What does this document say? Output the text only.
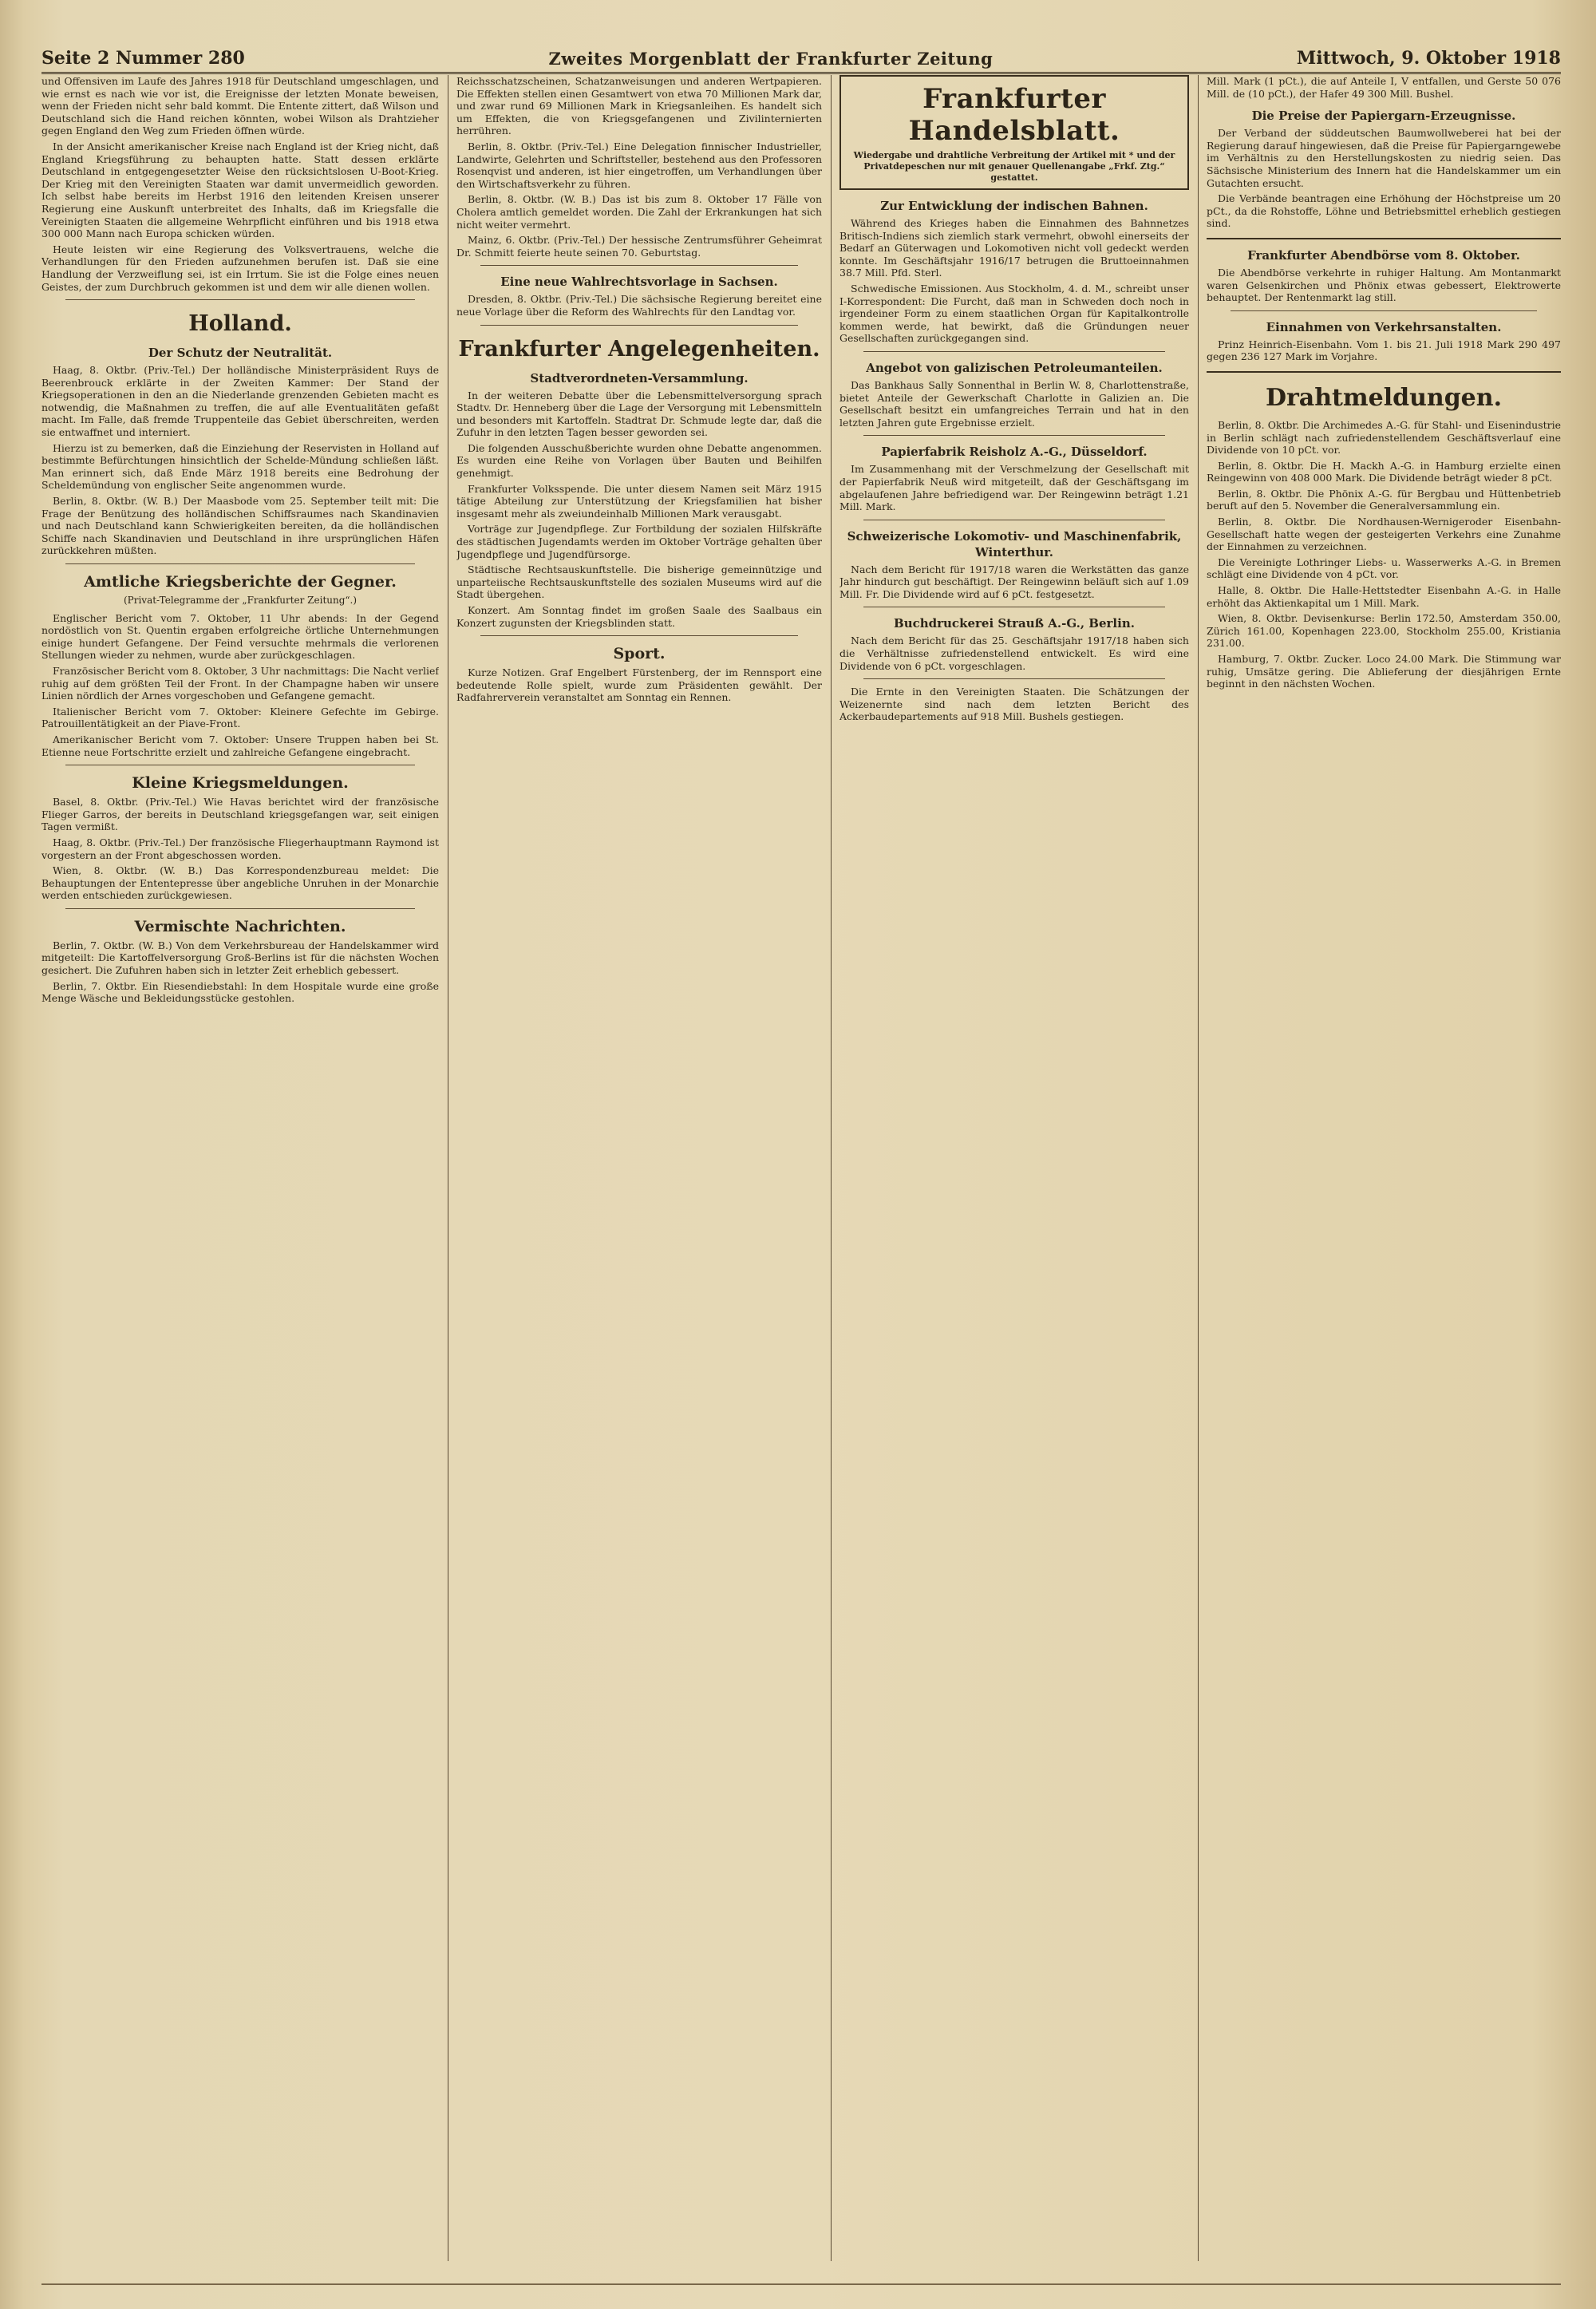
Seite 2 Nummer 280	Zweites Morgenblatt der Frankfurter Zeitung	Mittwoch, 9. Oktober 1918

und Offensiven im Laufe des Jahres 1918 für Deutschland umgeschlagen, und wie ernst es nach wie vor ist, die Ereignisse der letzten Monate beweisen, wenn der Frieden nicht sehr bald kommt. Die Entente zittert, daß Wilson und Deutschland sich die Hand reichen könnten, wobei Wilson als Drahtzieher gegen England den Weg zum Frieden öffnen würde.

In der Ansicht amerikanischer Kreise nach England ist der Krieg nicht, daß England Kriegsführung zu behaupten hatte. Statt dessen erklärte Deutschland in entgegengesetzter Weise den rücksichtslosen U-Boot-Krieg. Der Krieg mit den Vereinigten Staaten war damit unvermeidlich geworden. Ich selbst habe bereits im Herbst 1916 den leitenden Kreisen unserer Regierung eine Auskunft unterbreitet des Inhalts, daß im Kriegsfalle die Vereinigten Staaten die allgemeine Wehrpflicht einführen und bis 1918 etwa 300 000 Mann nach Europa schicken würden.

Heute leisten wir eine Regierung des Volksvertrauens, welche die Verhandlungen für den Frieden aufzunehmen berufen ist. Daß sie eine Handlung der Verzweiflung sei, ist ein Irrtum. Sie ist die Folge eines neuen Geistes, der zum Durchbruch gekommen ist und dem wir alle dienen wollen.

Holland.
Der Schutz der Neutralität.

Haag, 8. Oktbr. (Priv.-Tel.) Der holländische Ministerpräsident Ruys de Beerenbrouck erklärte in der Zweiten Kammer: Der Stand der Kriegsoperationen in den an die Niederlande grenzenden Gebieten macht es notwendig, die Maßnahmen zu treffen, die auf alle Eventualitäten gefaßt macht. Im Falle, daß fremde Truppenteile das Gebiet überschreiten, werden sie entwaffnet und interniert.

Hierzu ist zu bemerken, daß die Einziehung der Reservisten in Holland auf bestimmte Befürchtungen hinsichtlich der Schelde-Mündung schließen läßt. Man erinnert sich, daß Ende März 1918 bereits eine Bedrohung der Scheldemündung von englischer Seite angenommen wurde.

Berlin, 8. Oktbr. (W. B.) Der Maasbode vom 25. September teilt mit: Die Frage der Benützung des holländischen Schiffsraumes nach Skandinavien und nach Deutschland kann Schwierigkeiten bereiten, da die holländischen Schiffe nach Skandinavien und Deutschland in ihre ursprünglichen Häfen zurückkehren müßten.

Amtliche Kriegsberichte der Gegner.
(Privat-Telegramme der „Frankfurter Zeitung“.)

Englischer Bericht vom 7. Oktober, 11 Uhr abends: In der Gegend nordöstlich von St. Quentin ergaben erfolgreiche örtliche Unternehmungen einige hundert Gefangene. Der Feind versuchte mehrmals die verlorenen Stellungen wieder zu nehmen, wurde aber zurückgeschlagen.

Französischer Bericht vom 8. Oktober, 3 Uhr nachmittags: Die Nacht verlief ruhig auf dem größten Teil der Front. In der Champagne haben wir unsere Linien nördlich der Arnes vorgeschoben und Gefangene gemacht.

Italienischer Bericht vom 7. Oktober: Kleinere Gefechte im Gebirge. Patrouillentätigkeit an der Piave-Front.

Amerikanischer Bericht vom 7. Oktober: Unsere Truppen haben bei St. Etienne neue Fortschritte erzielt und zahlreiche Gefangene eingebracht.

Kleine Kriegsmeldungen.

Basel, 8. Oktbr. (Priv.-Tel.) Wie Havas berichtet wird der französische Flieger Garros, der bereits in Deutschland kriegsgefangen war, seit einigen Tagen vermißt.

Haag, 8. Oktbr. (Priv.-Tel.) Der französische Fliegerhauptmann Raymond ist vorgestern an der Front abgeschossen worden.

Wien, 8. Oktbr. (W. B.) Das Korrespondenzbureau meldet: Die Behauptungen der Ententepresse über angebliche Unruhen in der Monarchie werden entschieden zurückgewiesen.

Vermischte Nachrichten.

Berlin, 7. Oktbr. (W. B.) Von dem Verkehrsbureau der Handelskammer wird mitgeteilt: Die Kartoffelversorgung Groß-Berlins ist für die nächsten Wochen gesichert. Die Zufuhren haben sich in letzter Zeit erheblich gebessert.

Berlin, 7. Oktbr. Ein Riesendiebstahl: In dem Hospitale wurde eine große Menge Wäsche und Bekleidungsstücke gestohlen.

Reichsschatzscheinen, Schatzanweisungen und anderen Wertpapieren. Die Effekten stellen einen Gesamtwert von etwa 70 Millionen Mark dar, und zwar rund 69 Millionen Mark in Kriegsanleihen. Es handelt sich um Effekten, die von Kriegsgefangenen und Zivilinternierten herrühren.

Berlin, 8. Oktbr. (Priv.-Tel.) Eine Delegation finnischer Industrieller, Landwirte, Gelehrten und Schriftsteller, bestehend aus den Professoren Rosenqvist und anderen, ist hier eingetroffen, um Verhandlungen über den Wirtschaftsverkehr zu führen.

Berlin, 8. Oktbr. (W. B.) Das ist bis zum 8. Oktober 17 Fälle von Cholera amtlich gemeldet worden. Die Zahl der Erkrankungen hat sich nicht weiter vermehrt.

Mainz, 6. Oktbr. (Priv.-Tel.) Der hessische Zentrumsführer Geheimrat Dr. Schmitt feierte heute seinen 70. Geburtstag.

Eine neue Wahlrechtsvorlage in Sachsen.

Dresden, 8. Oktbr. (Priv.-Tel.) Die sächsische Regierung bereitet eine neue Vorlage über die Reform des Wahlrechts für den Landtag vor.

Frankfurter Angelegenheiten.
Stadtverordneten-Versammlung.

In der weiteren Debatte über die Lebensmittelversorgung sprach Stadtv. Dr. Henneberg über die Lage der Versorgung mit Lebensmitteln und besonders mit Kartoffeln. Stadtrat Dr. Schmude legte dar, daß die Zufuhr in den letzten Tagen besser geworden sei.

Die folgenden Ausschußberichte wurden ohne Debatte angenommen. Es wurden eine Reihe von Vorlagen über Bauten und Beihilfen genehmigt.

Frankfurter Volksspende. Die unter diesem Namen seit März 1915 tätige Abteilung zur Unterstützung der Kriegsfamilien hat bisher insgesamt mehr als zweiundeinhalb Millionen Mark verausgabt.

Vorträge zur Jugendpflege. Zur Fortbildung der sozialen Hilfskräfte des städtischen Jugendamts werden im Oktober Vorträge gehalten über Jugendpflege und Jugendfürsorge.

Städtische Rechtsauskunftstelle. Die bisherige gemeinnützige und unparteiische Rechtsauskunftstelle des sozialen Museums wird auf die Stadt übergehen.

Konzert. Am Sonntag findet im großen Saale des Saalbaus ein Konzert zugunsten der Kriegsblinden statt.

Sport.

Kurze Notizen. Graf Engelbert Fürstenberg, der im Rennsport eine bedeutende Rolle spielt, wurde zum Präsidenten gewählt. Der Radfahrerverein veranstaltet am Sonntag ein Rennen.

Frankfurter Handelsblatt.
Wiedergabe und drahtliche Verbreitung der Artikel mit * und der Privatdepeschen nur mit genauer Quellenangabe „Frkf. Ztg.“ gestattet.
Zur Entwicklung der indischen Bahnen.

Während des Krieges haben die Einnahmen des Bahnnetzes Britisch-Indiens sich ziemlich stark vermehrt, obwohl einerseits der Bedarf an Güterwagen und Lokomotiven nicht voll gedeckt werden konnte. Im Geschäftsjahr 1916/17 betrugen die Bruttoeinnahmen 38.7 Mill. Pfd. Sterl.

Schwedische Emissionen. Aus Stockholm, 4. d. M., schreibt unser I-Korrespondent: Die Furcht, daß man in Schweden doch noch in irgendeiner Form zu einem staatlichen Organ für Kapitalkontrolle kommen werde, hat bewirkt, daß die Gründungen neuer Gesellschaften zurückgegangen sind.

Angebot von galizischen Petroleumanteilen.

Das Bankhaus Sally Sonnenthal in Berlin W. 8, Charlottenstraße, bietet Anteile der Gewerkschaft Charlotte in Galizien an. Die Gesellschaft besitzt ein umfangreiches Terrain und hat in den letzten Jahren gute Ergebnisse erzielt.

Papierfabrik Reisholz A.-G., Düsseldorf.

Im Zusammenhang mit der Verschmelzung der Gesellschaft mit der Papierfabrik Neuß wird mitgeteilt, daß der Geschäftsgang im abgelaufenen Jahre befriedigend war. Der Reingewinn beträgt 1.21 Mill. Mark.

Schweizerische Lokomotiv- und Maschinenfabrik, Winterthur.

Nach dem Bericht für 1917/18 waren die Werkstätten das ganze Jahr hindurch gut beschäftigt. Der Reingewinn beläuft sich auf 1.09 Mill. Fr. Die Dividende wird auf 6 pCt. festgesetzt.

Buchdruckerei Strauß A.-G., Berlin.

Nach dem Bericht für das 25. Geschäftsjahr 1917/18 haben sich die Verhältnisse zufriedenstellend entwickelt. Es wird eine Dividende von 6 pCt. vorgeschlagen.

Die Ernte in den Vereinigten Staaten. Die Schätzungen der Weizenernte sind nach dem letzten Bericht des Ackerbaudepartements auf 918 Mill. Bushels gestiegen.

Mill. Mark (1 pCt.), die auf Anteile I, V entfallen, und Gerste 50 076 Mill. de (10 pCt.), der Hafer 49 300 Mill. Bushel.

Die Preise der Papiergarn-Erzeugnisse.

Der Verband der süddeutschen Baumwollweberei hat bei der Regierung darauf hingewiesen, daß die Preise für Papiergarngewebe im Verhältnis zu den Herstellungskosten zu niedrig seien. Das Sächsische Ministerium des Innern hat die Handelskammer um ein Gutachten ersucht.

Die Verbände beantragen eine Erhöhung der Höchstpreise um 20 pCt., da die Rohstoffe, Löhne und Betriebsmittel erheblich gestiegen sind.

Frankfurter Abendbörse vom 8. Oktober.

Die Abendbörse verkehrte in ruhiger Haltung. Am Montanmarkt waren Gelsenkirchen und Phönix etwas gebessert, Elektrowerte behauptet. Der Rentenmarkt lag still.

Einnahmen von Verkehrsanstalten.

Prinz Heinrich-Eisenbahn. Vom 1. bis 21. Juli 1918 Mark 290 497 gegen 236 127 Mark im Vorjahre.

Drahtmeldungen.

Berlin, 8. Oktbr. Die Archimedes A.-G. für Stahl- und Eisenindustrie in Berlin schlägt nach zufriedenstellendem Geschäftsverlauf eine Dividende von 10 pCt. vor.

Berlin, 8. Oktbr. Die H. Mackh A.-G. in Hamburg erzielte einen Reingewinn von 408 000 Mark. Die Dividende beträgt wieder 8 pCt.

Berlin, 8. Oktbr. Die Phönix A.-G. für Bergbau und Hüttenbetrieb beruft auf den 5. November die Generalversammlung ein.

Berlin, 8. Oktbr. Die Nordhausen-Wernigeroder Eisenbahn-Gesellschaft hatte wegen der gesteigerten Verkehrs eine Zunahme der Einnahmen zu verzeichnen.

Die Vereinigte Lothringer Liebs- u. Wasserwerks A.-G. in Bremen schlägt eine Dividende von 4 pCt. vor.

Halle, 8. Oktbr. Die Halle-Hettstedter Eisenbahn A.-G. in Halle erhöht das Aktienkapital um 1 Mill. Mark.

Wien, 8. Oktbr. Devisenkurse: Berlin 172.50, Amsterdam 350.00, Zürich 161.00, Kopenhagen 223.00, Stockholm 255.00, Kristiania 231.00.

Hamburg, 7. Oktbr. Zucker. Loco 24.00 Mark. Die Stimmung war ruhig, Umsätze gering. Die Ablieferung der diesjährigen Ernte beginnt in den nächsten Wochen.
